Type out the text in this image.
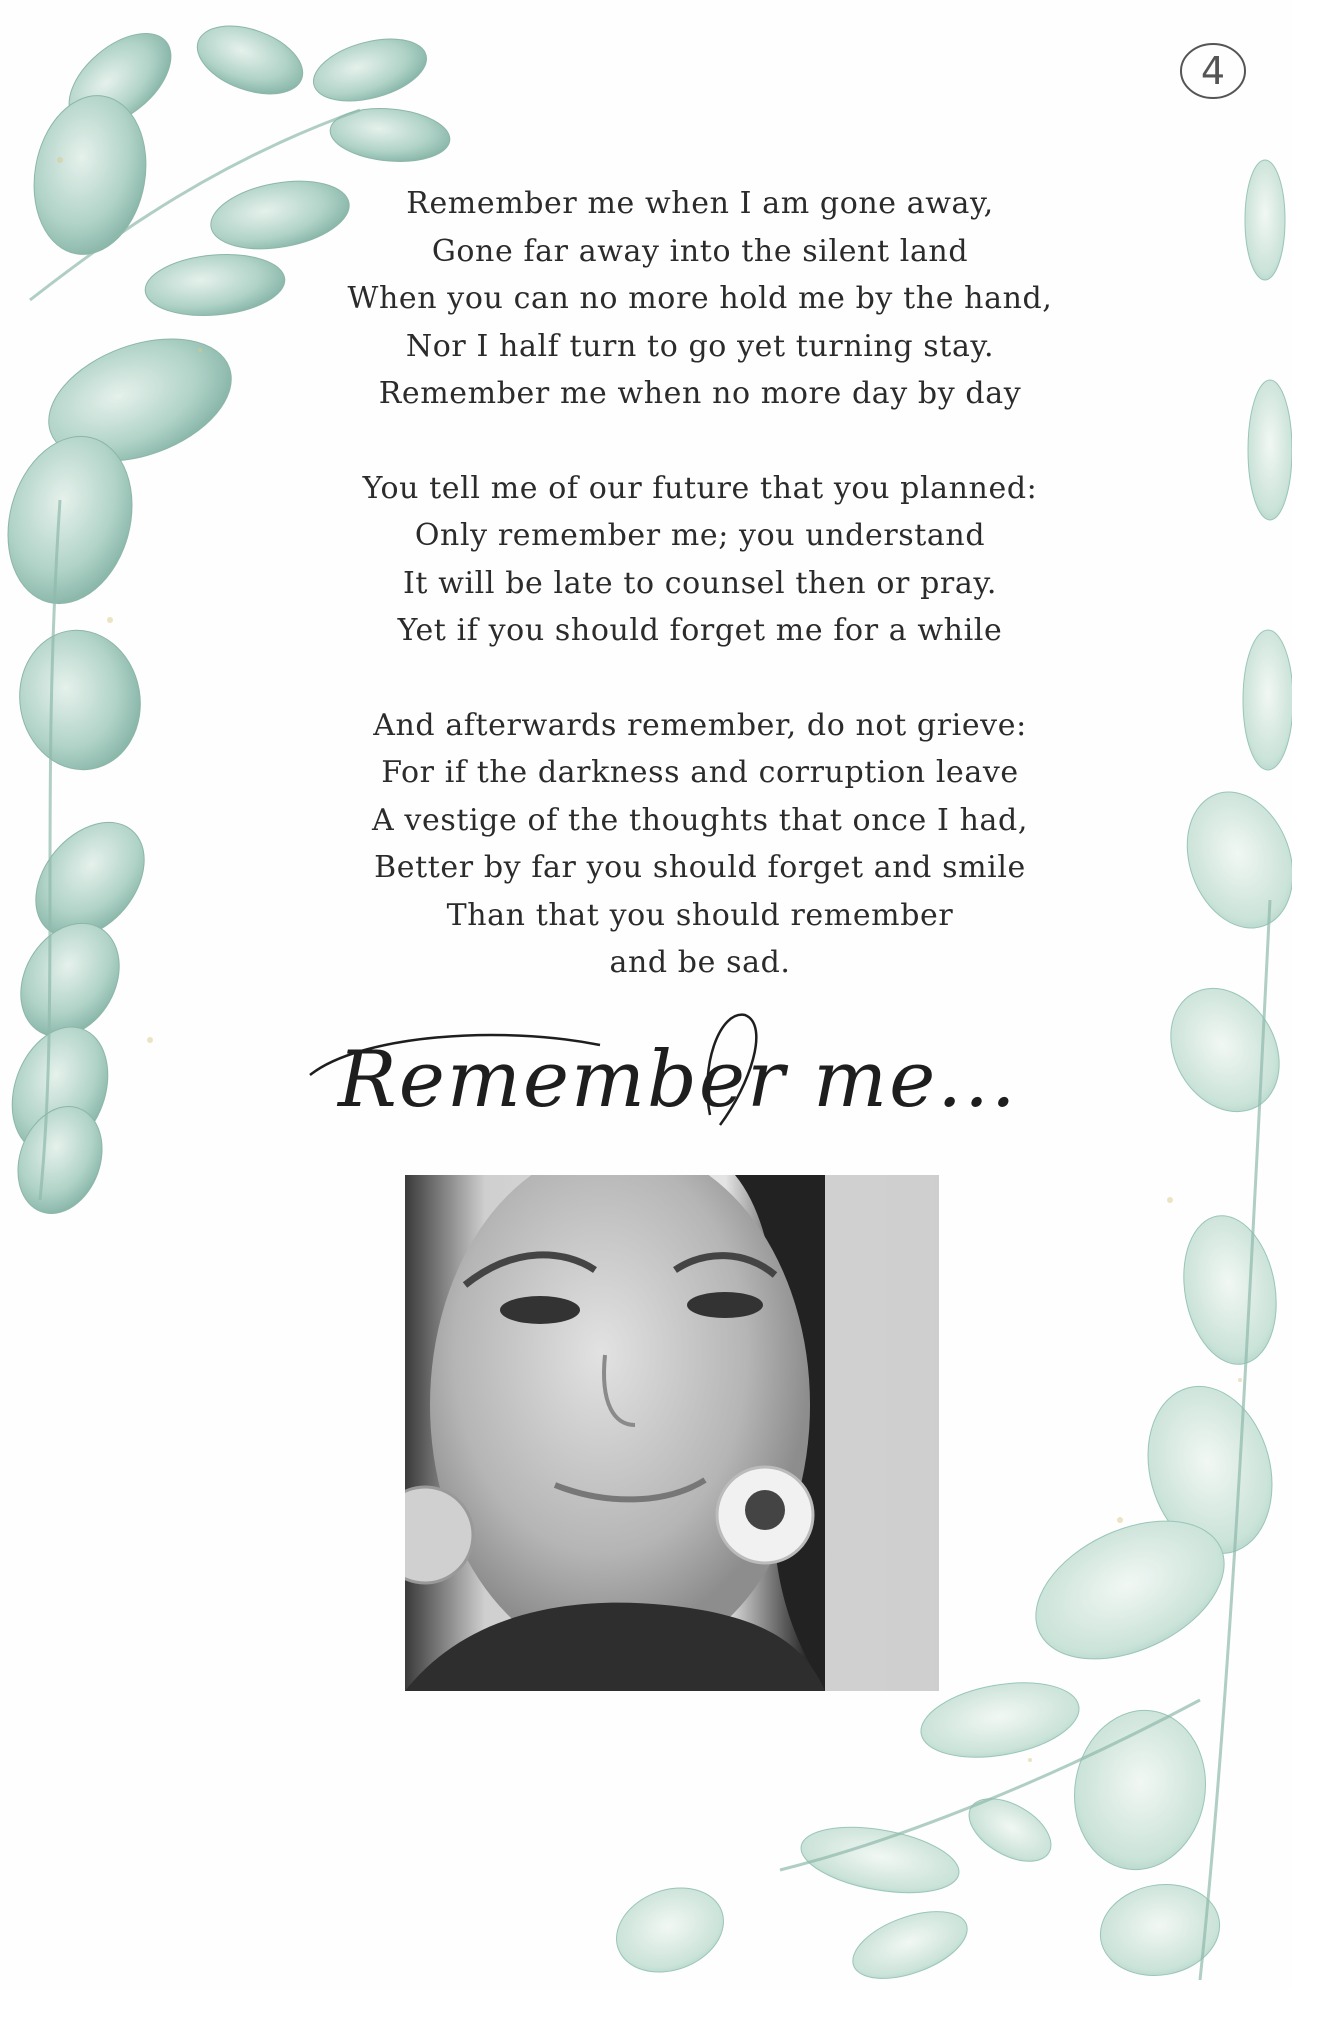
4
Remember me when I am gone away,
Gone far away into the silent land
When you can no more hold me by the hand,
Nor I half turn to go yet turning stay.
Remember me when no more day by day
You tell me of our future that you planned:
Only remember me; you understand
It will be late to counsel then or pray.
Yet if you should forget me for a while
And afterwards remember, do not grieve:
For if the darkness and corruption leave
A vestige of the thoughts that once I had,
Better by far you should forget and smile
Than that you should remember
and be sad.
Remember me...
